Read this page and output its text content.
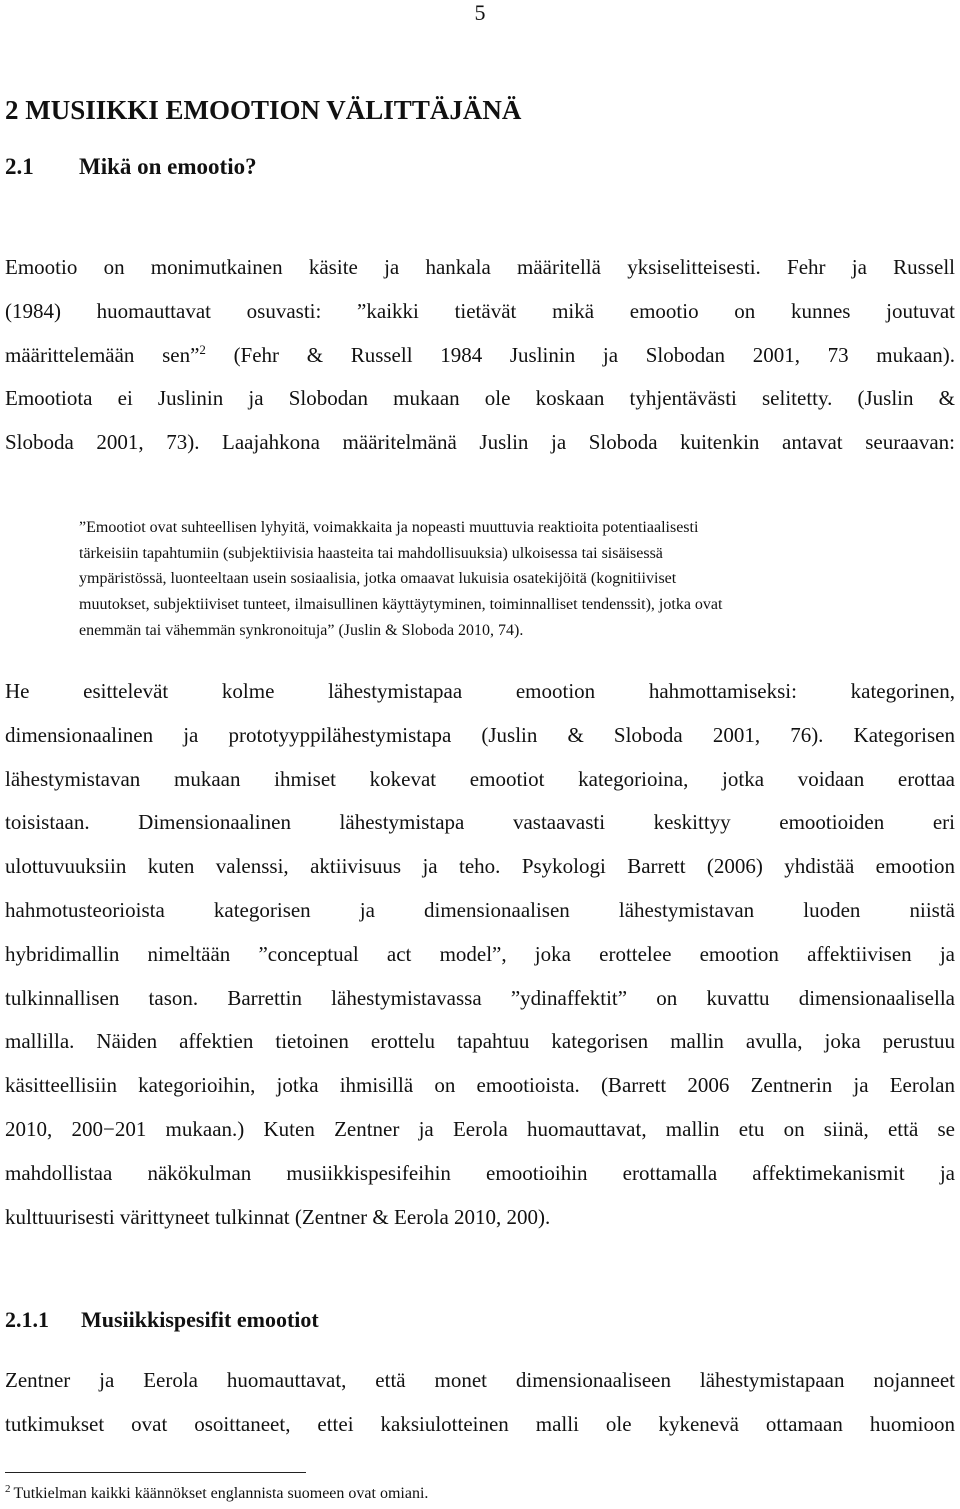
5
2 MUSIIKKI EMOOTION VÄLITTÄJÄNÄ
2.1 Mikä on emootio?
Emootio on monimutkainen käsite ja hankala määritellä yksiselitteisesti. Fehr ja Russell
(1984) huomauttavat osuvasti: ”kaikki tietävät mikä emootio on kunnes joutuvat
määrittelemään sen”$^2$ (Fehr & Russell 1984 Juslinin ja Slobodan 2001, 73 mukaan).
Emootiota ei Juslinin ja Slobodan mukaan ole koskaan tyhjentävästi selitetty. (Juslin &
Sloboda 2001, 73). Laajahkona määritelmänä Juslin ja Sloboda kuitenkin antavat seuraavan:
”Emootiot ovat suhteellisen lyhyitä, voimakkaita ja nopeasti muuttuvia reaktioita potentiaalisesti
tärkeisiin tapahtumiin (subjektiivisia haasteita tai mahdollisuuksia) ulkoisessa tai sisäisessä
ympäristössä, luonteeltaan usein sosiaalisia, jotka omaavat lukuisia osatekijöitä (kognitiiviset
muutokset, subjektiiviset tunteet, ilmaisullinen käyttäytyminen, toiminnalliset tendenssit), jotka ovat
enemmän tai vähemmän synkronoituja” (Juslin & Sloboda 2010, 74).
He esittelevät kolme lähestymistapaa emootion hahmottamiseksi: kategorinen,
dimensionaalinen ja prototyyppilähestymistapa (Juslin & Sloboda 2001, 76). Kategorisen
lähestymistavan mukaan ihmiset kokevat emootiot kategorioina, jotka voidaan erottaa
toisistaan. Dimensionaalinen lähestymistapa vastaavasti keskittyy emootioiden eri
ulottuvuuksiin kuten valenssi, aktiivisuus ja teho. Psykologi Barrett (2006) yhdistää emootion
hahmotusteorioista kategorisen ja dimensionaalisen lähestymistavan luoden niistä
hybridimallin nimeltään ”conceptual act model”, joka erottelee emootion affektiivisen ja
tulkinnallisen tason. Barrettin lähestymistavassa ”ydinaffektit” on kuvattu dimensionaalisella
mallilla. Näiden affektien tietoinen erottelu tapahtuu kategorisen mallin avulla, joka perustuu
käsitteellisiin kategorioihin, jotka ihmisillä on emootioista. (Barrett 2006 Zentnerin ja Eerolan
2010, 200−201 mukaan.) Kuten Zentner ja Eerola huomauttavat, mallin etu on siinä, että se
mahdollistaa näkökulman musiikkispesifeihin emootioihin erottamalla affektimekanismit ja
kulttuurisesti värittyneet tulkinnat (Zentner & Eerola 2010, 200).
2.1.1 Musiikkispesifit emootiot
Zentner ja Eerola huomauttavat, että monet dimensionaaliseen lähestymistapaan nojanneet
tutkimukset ovat osoittaneet, ettei kaksiulotteinen malli ole kykenevä ottamaan huomioon
$^2$ Tutkielman kaikki käännökset englannista suomeen ovat omiani.
